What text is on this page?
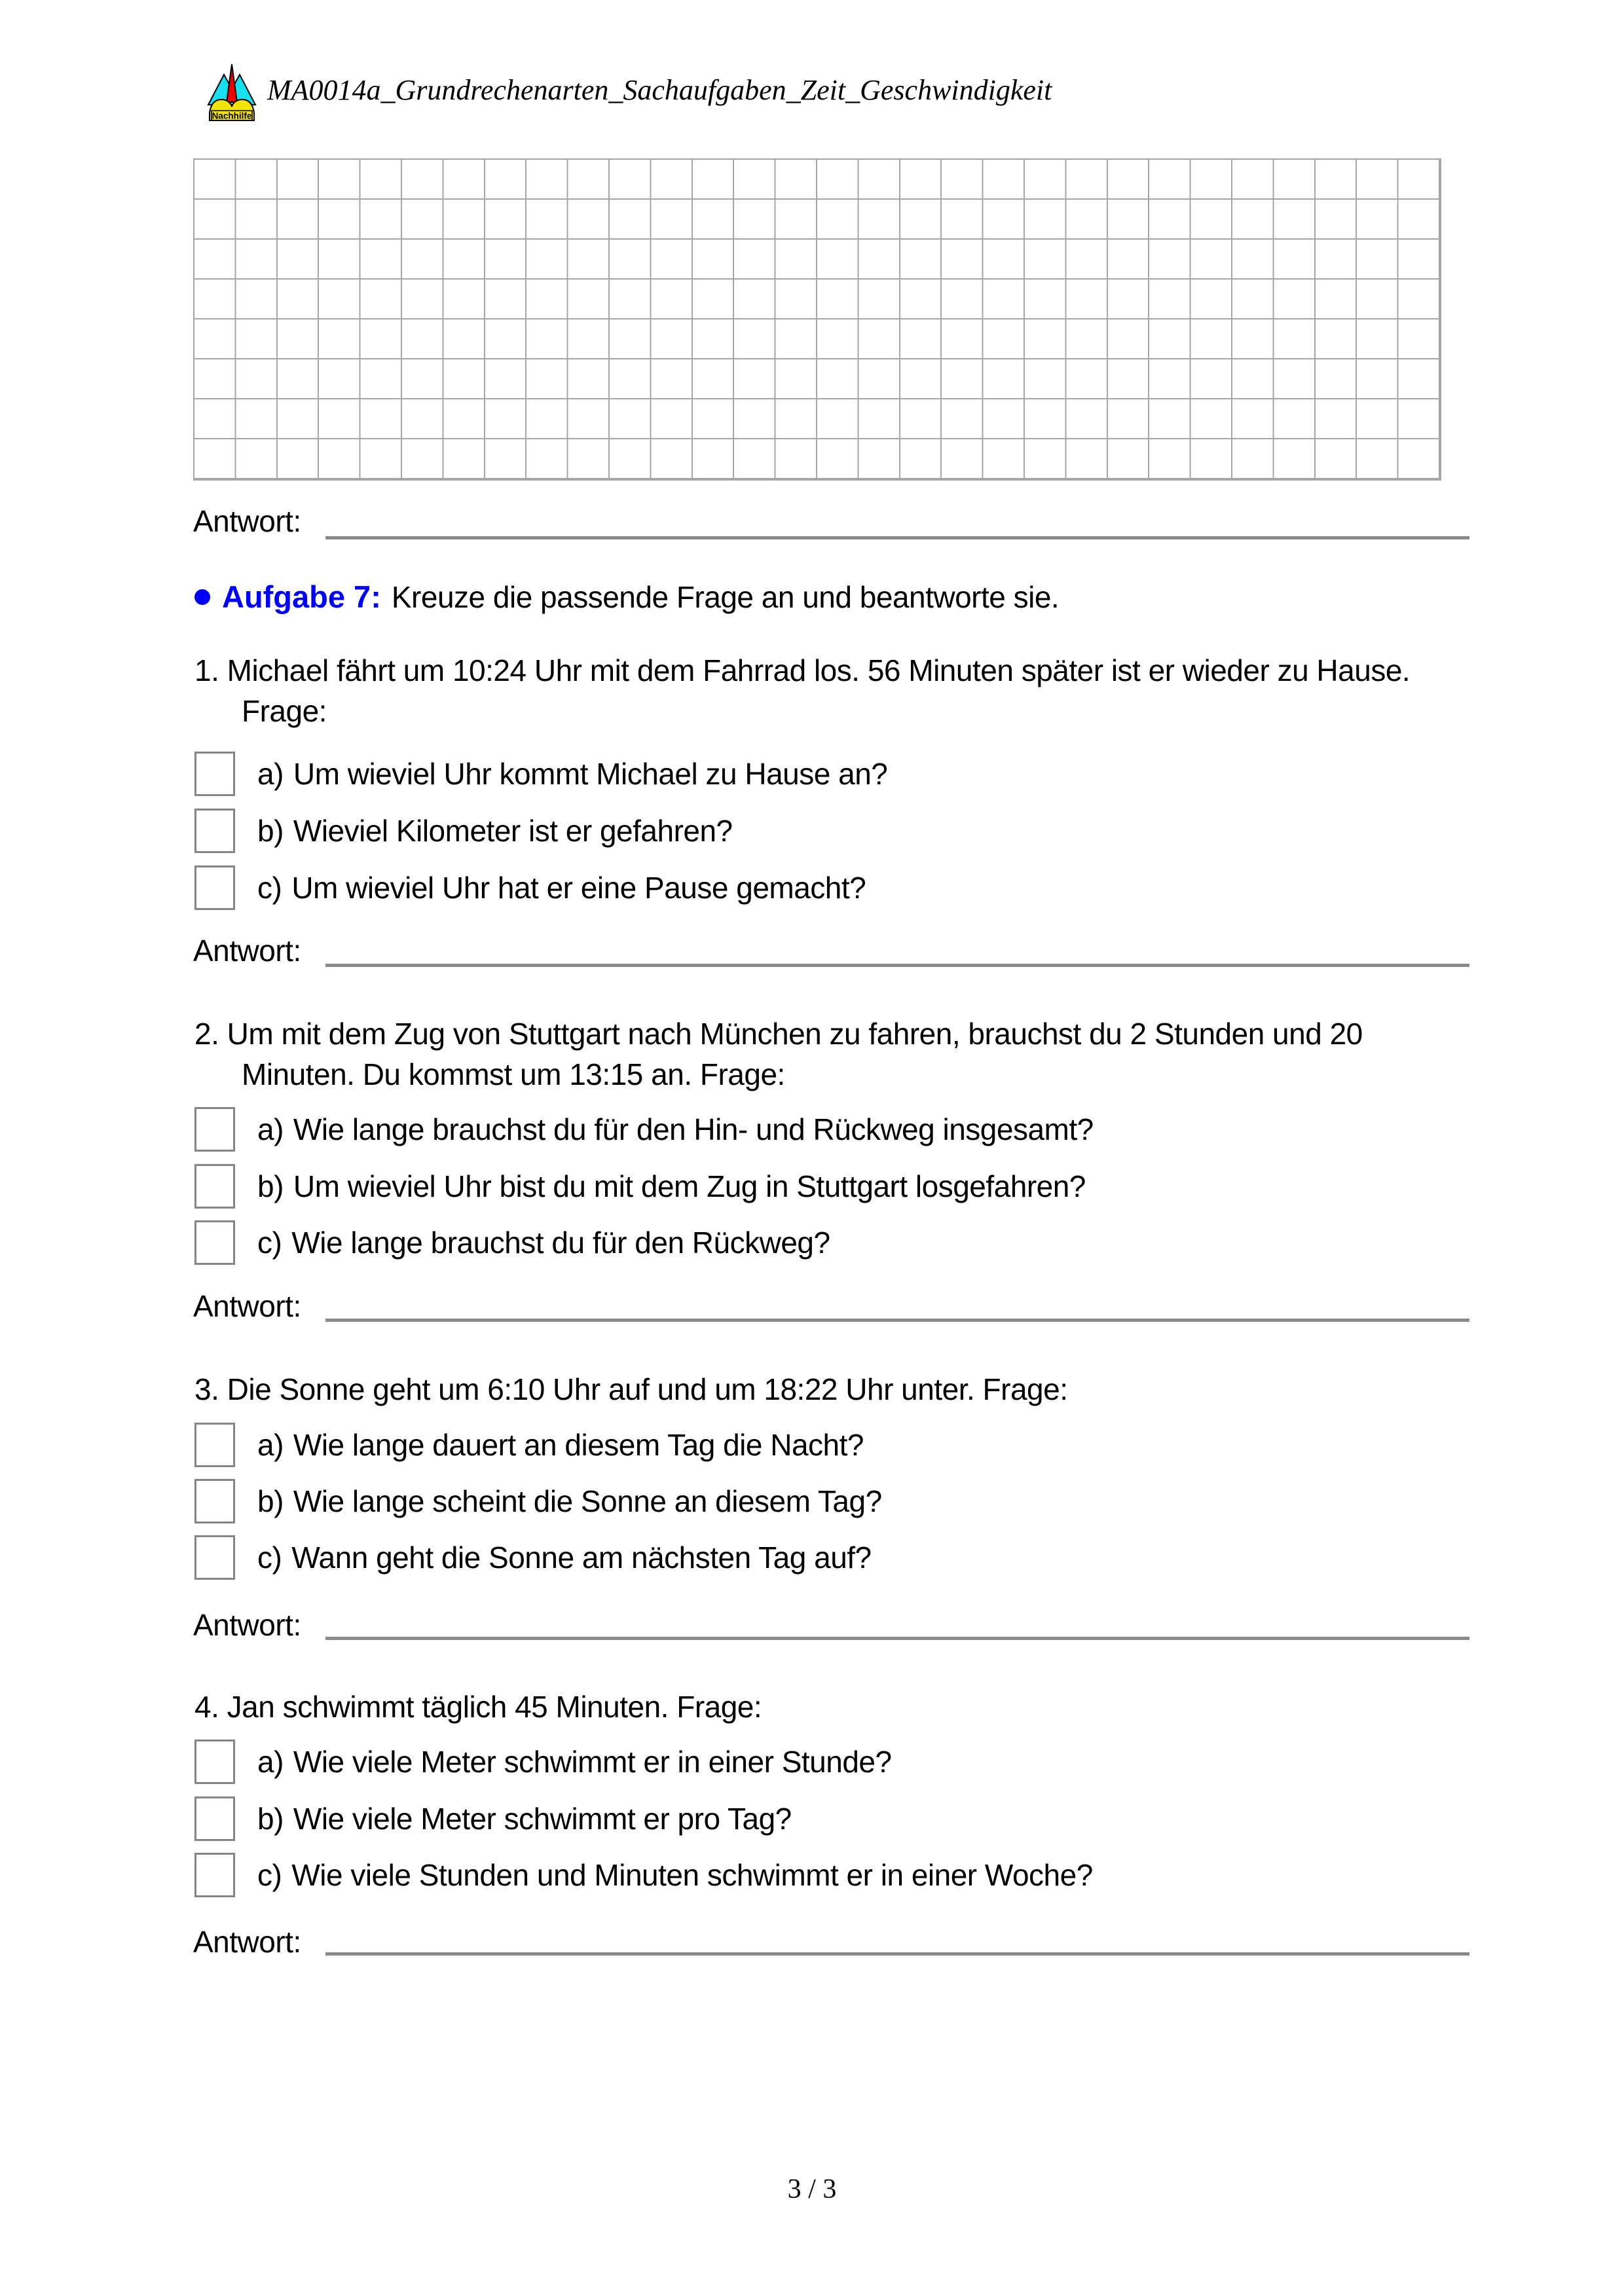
Nachhilfe
MA0014a_Grundrechenarten_Sachaufgaben_Zeit_Geschwindigkeit
Antwort:
Aufgabe 7: Kreuze die passende Frage an und beantworte sie.
1. Michael fährt um 10:24 Uhr mit dem Fahrrad los. 56 Minuten später ist er wieder zu Hause. Frage:
a) Um wieviel Uhr kommt Michael zu Hause an?
b) Wieviel Kilometer ist er gefahren?
c) Um wieviel Uhr hat er eine Pause gemacht?
Antwort:
2. Um mit dem Zug von Stuttgart nach München zu fahren, brauchst du 2 Stunden und 20 Minuten. Du kommst um 13:15 an. Frage:
a) Wie lange brauchst du für den Hin- und Rückweg insgesamt?
b) Um wieviel Uhr bist du mit dem Zug in Stuttgart losgefahren?
c) Wie lange brauchst du für den Rückweg?
Antwort:
3. Die Sonne geht um 6:10 Uhr auf und um 18:22 Uhr unter. Frage:
a) Wie lange dauert an diesem Tag die Nacht?
b) Wie lange scheint die Sonne an diesem Tag?
c) Wann geht die Sonne am nächsten Tag auf?
Antwort:
4. Jan schwimmt täglich 45 Minuten. Frage:
a) Wie viele Meter schwimmt er in einer Stunde?
b) Wie viele Meter schwimmt er pro Tag?
c) Wie viele Stunden und Minuten schwimmt er in einer Woche?
Antwort:
3 / 3
